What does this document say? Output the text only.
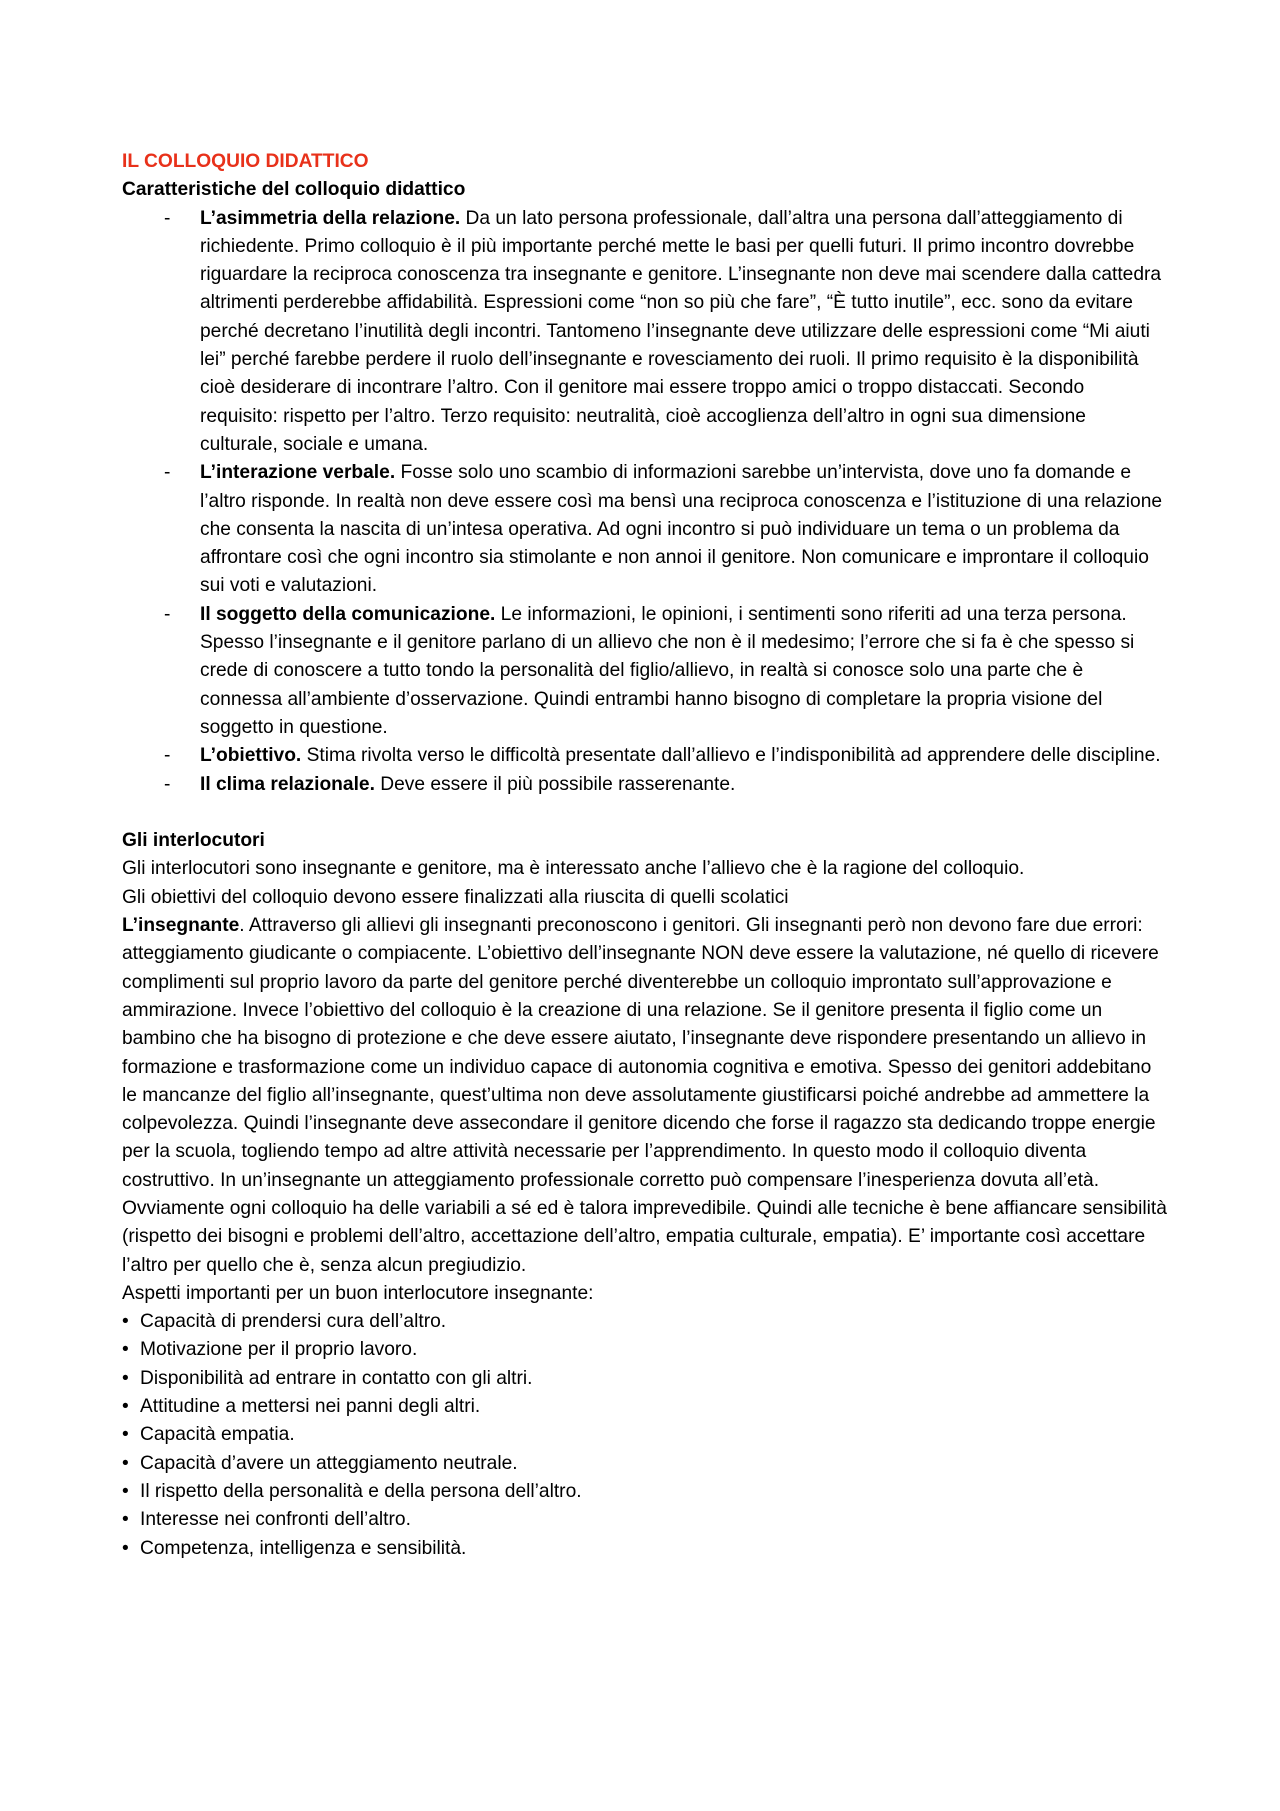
IL COLLOQUIO DIDATTICO
Caratteristiche del colloquio didattico
- L’asimmetria della relazione. Da un lato persona professionale, dall’altra una persona dall’atteggiamento di richiedente. Primo colloquio è il più importante perché mette le basi per quelli futuri. Il primo incontro dovrebbe riguardare la reciproca conoscenza tra insegnante e genitore. L’insegnante non deve mai scendere dalla cattedra altrimenti perderebbe affidabilità. Espressioni come “non so più che fare”, “È tutto inutile”, ecc. sono da evitare perché decretano l’inutilità degli incontri. Tantomeno l’insegnante deve utilizzare delle espressioni come “Mi aiuti lei” perché farebbe perdere il ruolo dell’insegnante e rovesciamento dei ruoli. Il primo requisito è la disponibilità cioè desiderare di incontrare l’altro. Con il genitore mai essere troppo amici o troppo distaccati. Secondo requisito: rispetto per l’altro. Terzo requisito: neutralità, cioè accoglienza dell’altro in ogni sua dimensione culturale, sociale e umana.
- L’interazione verbale. Fosse solo uno scambio di informazioni sarebbe un’intervista, dove uno fa domande e l’altro risponde. In realtà non deve essere così ma bensì una reciproca conoscenza e l’istituzione di una relazione che consenta la nascita di un’intesa operativa. Ad ogni incontro si può individuare un tema o un problema da affrontare così che ogni incontro sia stimolante e non annoi il genitore. Non comunicare e improntare il colloquio sui voti e valutazioni.
- Il soggetto della comunicazione. Le informazioni, le opinioni, i sentimenti sono riferiti ad una terza persona. Spesso l’insegnante e il genitore parlano di un allievo che non è il medesimo; l’errore che si fa è che spesso si crede di conoscere a tutto tondo la personalità del figlio/allievo, in realtà si conosce solo una parte che è connessa all’ambiente d’osservazione. Quindi entrambi hanno bisogno di completare la propria visione del soggetto in questione.
- L’obiettivo. Stima rivolta verso le difficoltà presentate dall’allievo e l’indisponibilità ad apprendere delle discipline.
- Il clima relazionale. Deve essere il più possibile rasserenante.
Gli interlocutori

Gli interlocutori sono insegnante e genitore, ma è interessato anche l’allievo che è la ragione del colloquio.

Gli obiettivi del colloquio devono essere finalizzati alla riuscita di quelli scolatici

L’insegnante. Attraverso gli allievi gli insegnanti preconoscono i genitori. Gli insegnanti però non devono fare due errori: atteggiamento giudicante o compiacente. L’obiettivo dell’insegnante NON deve essere la valutazione, né quello di ricevere complimenti sul proprio lavoro da parte del genitore perché diventerebbe un colloquio improntato sull’approvazione e ammirazione. Invece l’obiettivo del colloquio è la creazione di una relazione. Se il genitore presenta il figlio come un bambino che ha bisogno di protezione e che deve essere aiutato, l’insegnante deve rispondere presentando un allievo in formazione e trasformazione come un individuo capace di autonomia cognitiva e emotiva. Spesso dei genitori addebitano le mancanze del figlio all’insegnante, quest’ultima non deve assolutamente giustificarsi poiché andrebbe ad ammettere la colpevolezza. Quindi l’insegnante deve assecondare il genitore dicendo che forse il ragazzo sta dedicando troppe energie per la scuola, togliendo tempo ad altre attività necessarie per l’apprendimento. In questo modo il colloquio diventa costruttivo. In un’insegnante un atteggiamento professionale corretto può compensare l’inesperienza dovuta all’età. Ovviamente ogni colloquio ha delle variabili a sé ed è talora imprevedibile. Quindi alle tecniche è bene affiancare sensibilità (rispetto dei bisogni e problemi dell’altro, accettazione dell’altro, empatia culturale, empatia). E’ importante così accettare l’altro per quello che è, senza alcun pregiudizio.

Aspetti importanti per un buon interlocutore insegnante:

• Capacità di prendersi cura dell’altro.
• Motivazione per il proprio lavoro.
• Disponibilità ad entrare in contatto con gli altri.
• Attitudine a mettersi nei panni degli altri.
• Capacità empatia.
• Capacità d’avere un atteggiamento neutrale.
• Il rispetto della personalità e della persona dell’altro.
• Interesse nei confronti dell’altro.
• Competenza, intelligenza e sensibilità.
